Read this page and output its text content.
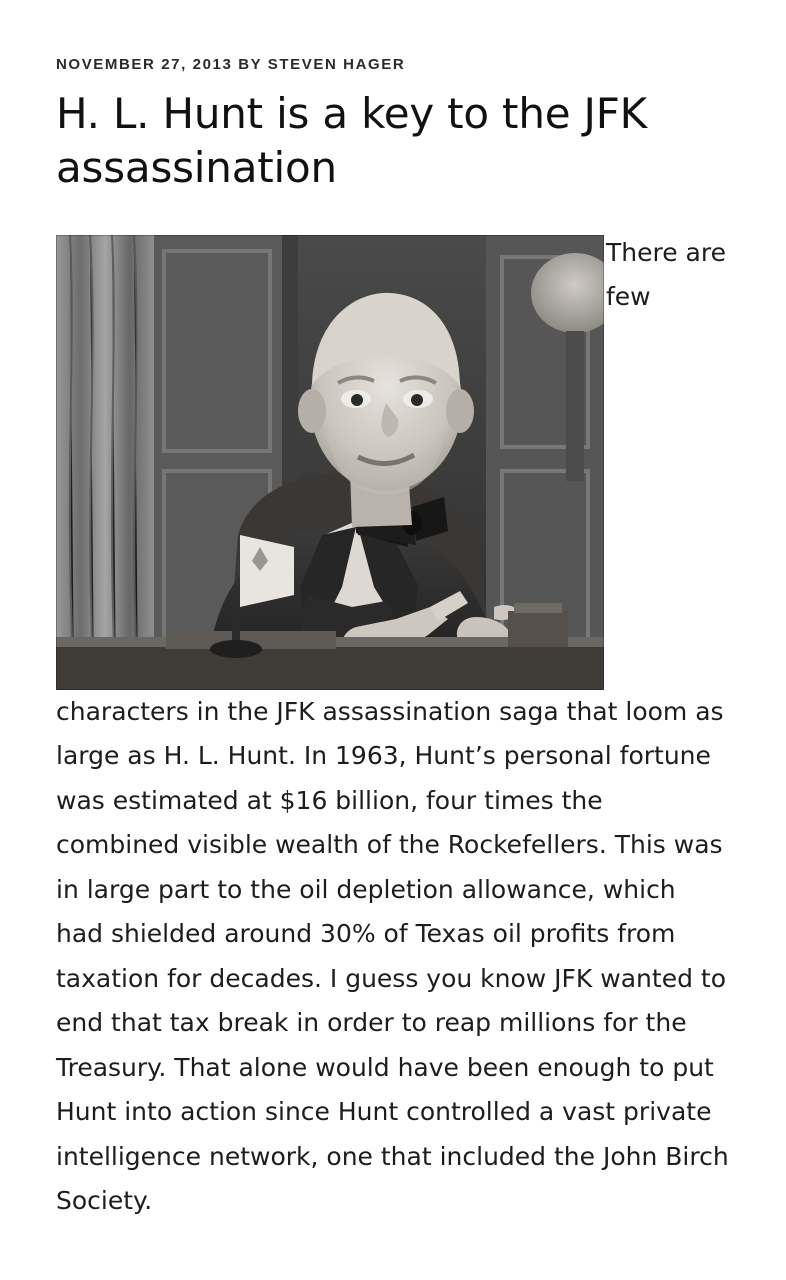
NOVEMBER 27, 2013 BY STEVEN HAGER
H. L. Hunt is a key to the JFK assassination
There are few characters in the JFK assassination saga that loom as large as H. L. Hunt. In 1963, Hunt’s personal fortune was estimated at $16 billion, four times the combined visible wealth of the Rockefellers. This was in large part to the oil depletion allowance, which had shielded around 30% of Texas oil profits from taxation for decades. I guess you know JFK wanted to end that tax break in order to reap millions for the Treasury. That alone would have been enough to put Hunt into action since Hunt controlled a vast private intelligence network, one that included the John Birch Society.
